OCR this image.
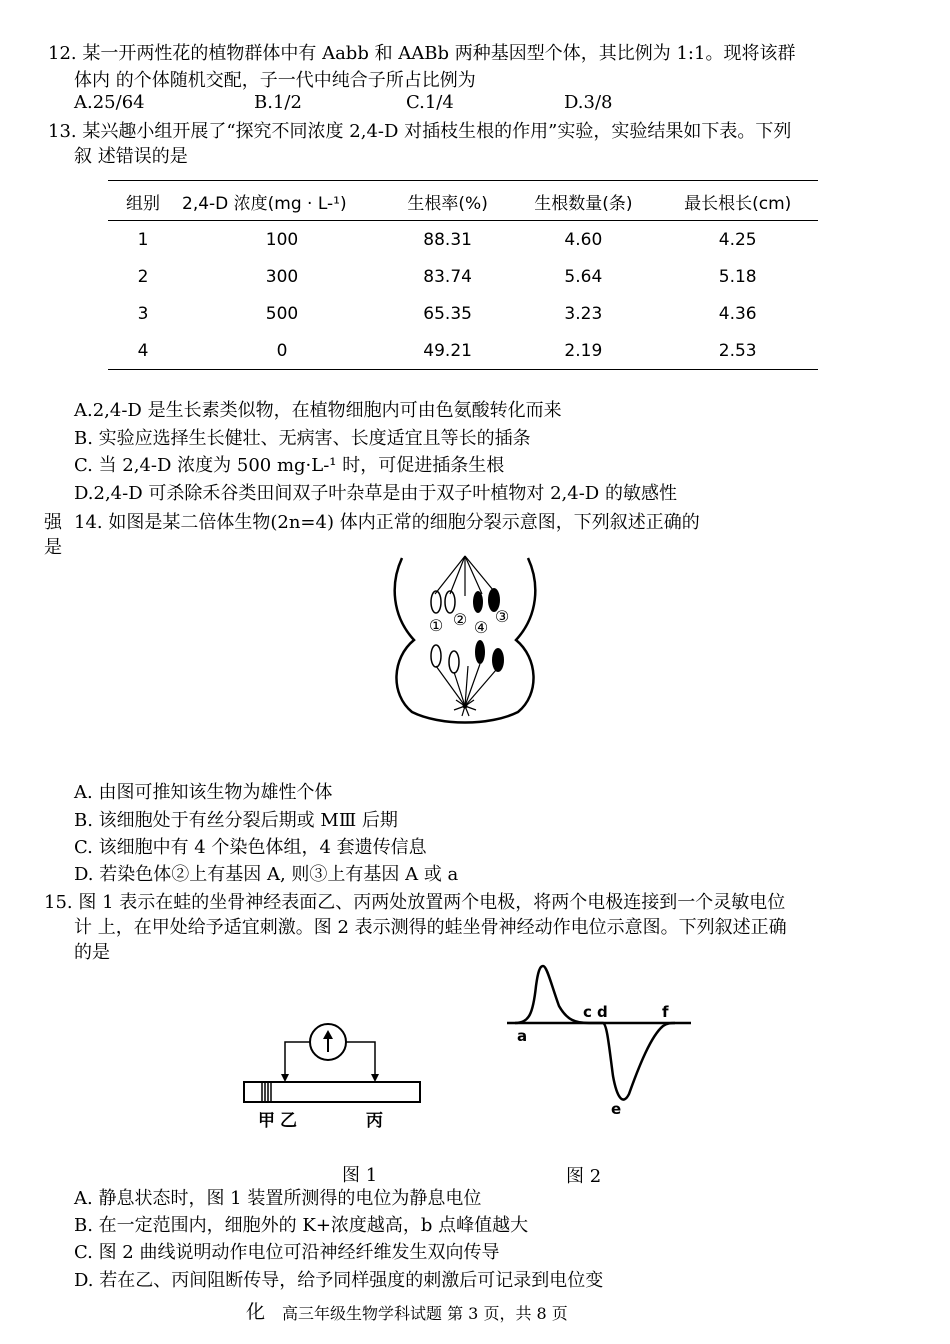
12. 某一开两性花的植物群体中有 Aabb 和 AABb 两种基因型个体，其比例为 1:1。现将该群
体内 的个体随机交配，子一代中纯合子所占比例为
A.25/64	B.1/2	C.1/4	D.3/8
13. 某兴趣小组开展了“探究不同浓度 2,4-D 对插枝生根的作用”实验，实验结果如下表。下列
叙 述错误的是
组别	2,4-D 浓度(mg · L-¹)	生根率(%)	生根数量(条)	最长根长(cm)
1	100	88.31	4.60	4.25
2	300	83.74	5.64	5.18
3	500	65.35	3.23	4.36
4	0	49.21	2.19	2.53
A.2,4-D 是生长素类似物，在植物细胞内可由色氨酸转化而来
B. 实验应选择生长健壮、无病害、长度适宜且等长的插条
C. 当 2,4-D 浓度为 500 mg·L-¹ 时，可促进插条生根
D.2,4-D 可杀除禾谷类田间双子叶杂草是由于双子叶植物对 2,4-D 的敏感性
强 14. 如图是某二倍体生物(2n=4) 体内正常的细胞分裂示意图，下列叙述正确的
是
① ② ④
③
A. 由图可推知该生物为雄性个体
B. 该细胞处于有丝分裂后期或 MⅢ 后期
C. 该细胞中有 4 个染色体组，4 套遗传信息
D. 若染色体②上有基因 A, 则③上有基因 A 或 a
15. 图 1 表示在蛙的坐骨神经表面乙、丙两处放置两个电极，将两个电极连接到一个灵敏电位
计 上，在甲处给予适宜刺激。图 2 表示测得的蛙坐骨神经动作电位示意图。下列叙述正确
的是
甲 乙	丙
a
c d
e
f
图 1	图 2
A. 静息状态时，图 1 装置所测得的电位为静息电位
B. 在一定范围内，细胞外的 K+浓度越高，b 点峰值越大
C. 图 2 曲线说明动作电位可沿神经纤维发生双向传导
D. 若在乙、丙间阻断传导，给予同样强度的刺激后可记录到电位变
化 高三年级生物学科试题 第 3 页，共 8 页
